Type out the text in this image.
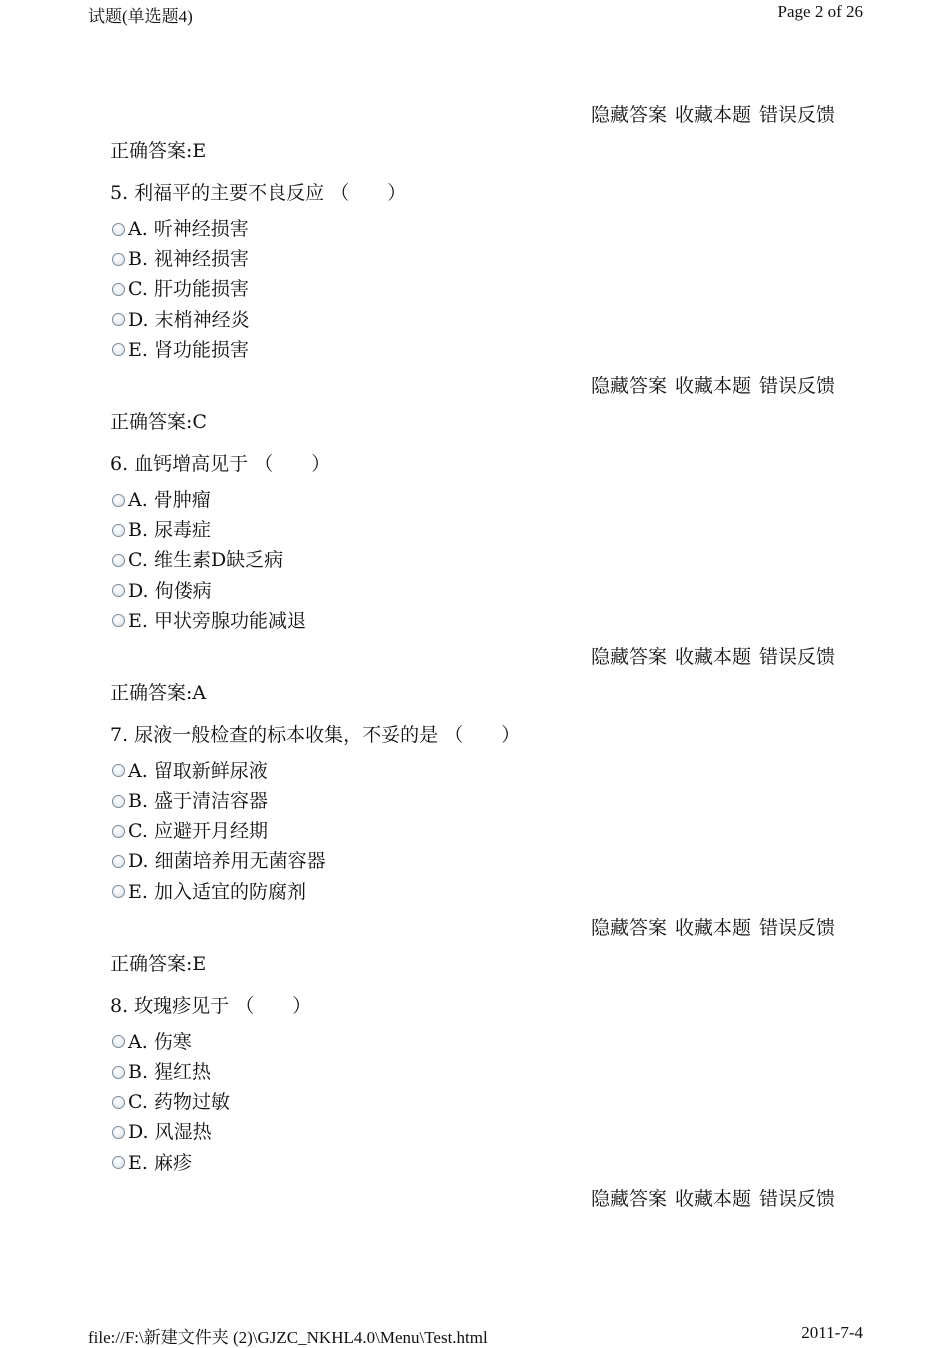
试题(单选题4)	Page 2 of 26
隐藏答案 收藏本题 错误反馈
正确答案:E
5. 利福平的主要不良反应 （　　）
A. 听神经损害
B. 视神经损害
C. 肝功能损害
D. 末梢神经炎
E. 肾功能损害
隐藏答案 收藏本题 错误反馈
正确答案:C
6. 血钙增高见于 （　　）
A. 骨肿瘤
B. 尿毒症
C. 维生素D缺乏病
D. 佝偻病
E. 甲状旁腺功能减退
隐藏答案 收藏本题 错误反馈
正确答案:A
7. 尿液一般检查的标本收集，不妥的是 （　　）
A. 留取新鲜尿液
B. 盛于清洁容器
C. 应避开月经期
D. 细菌培养用无菌容器
E. 加入适宜的防腐剂
隐藏答案 收藏本题 错误反馈
正确答案:E
8. 玫瑰疹见于 （　　）
A. 伤寒
B. 猩红热
C. 药物过敏
D. 风湿热
E. 麻疹
隐藏答案 收藏本题 错误反馈
file://F:\新建文件夹 (2)\GJZC_NKHL4.0\Menu\Test.html	2011-7-4
